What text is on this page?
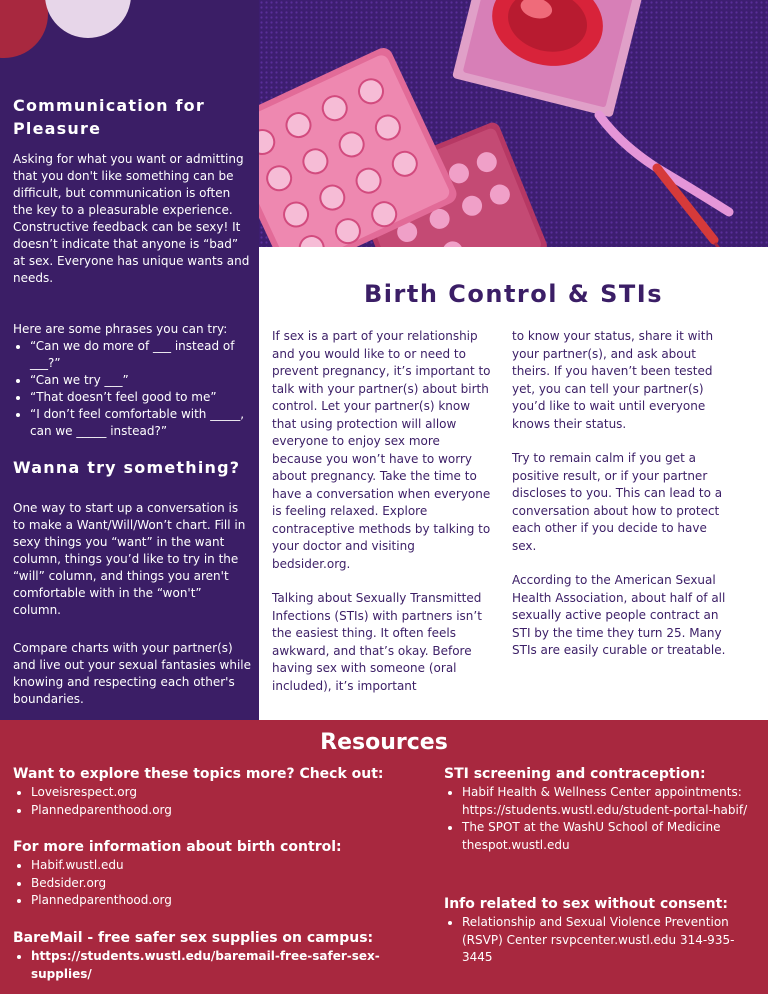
Communication for Pleasure

Asking for what you want or admitting that you don't like something can be difficult, but communication is often the key to a pleasurable experience. Constructive feedback can be sexy! It doesn’t indicate that anyone is “bad” at sex. Everyone has unique wants and needs.

Here are some phrases you can try:

• “Can we do more of ___ instead of ___?”
• “Can we try ___”
• “That doesn’t feel good to me”
• “I don’t feel comfortable with _____, can we _____ instead?”
Wanna try something?

One way to start up a conversation is to make a Want/Will/Won’t chart. Fill in sexy things you “want” in the want column, things you’d like to try in the “will” column, and things you aren't comfortable with in the “won't” column.

Compare charts with your partner(s) and live out your sexual fantasies while knowing and respecting each other's boundaries.

Birth Control & STIs

If sex is a part of your relationship and you would like to or need to prevent pregnancy, it’s important to talk with your partner(s) about birth control. Let your partner(s) know that using protection will allow everyone to enjoy sex more because you won’t have to worry about pregnancy. Take the time to have a conversation when everyone is feeling relaxed. Explore contraceptive methods by talking to your doctor and visiting bedsider.org.

Talking about Sexually Transmitted Infections (STIs) with partners isn’t the easiest thing. It often feels awkward, and that’s okay. Before having sex with someone (oral included), it’s important

to know your status, share it with your partner(s), and ask about theirs. If you haven’t been tested yet, you can tell your partner(s) you’d like to wait until everyone knows their status.

Try to remain calm if you get a positive result, or if your partner discloses to you. This can lead to a conversation about how to protect each other if you decide to have sex.

According to the American Sexual Health Association, about half of all sexually active people contract an STI by the time they turn 25. Many STIs are easily curable or treatable.

Resources
Want to explore these topics more? Check out:
• Loveisrespect.org
• Plannedparenthood.org
For more information about birth control:
• Habif.wustl.edu
• Bedsider.org
• Plannedparenthood.org
BareMail - free safer sex supplies on campus:
• https://students.wustl.edu/baremail-free-safer-sex-supplies/
STI screening and contraception:
• Habif Health & Wellness Center appointments: https://students.wustl.edu/student-portal-habif/
• The SPOT at the WashU School of Medicine thespot.wustl.edu
Info related to sex without consent:
• Relationship and Sexual Violence Prevention (RSVP) Center rsvpcenter.wustl.edu 314-935-3445
